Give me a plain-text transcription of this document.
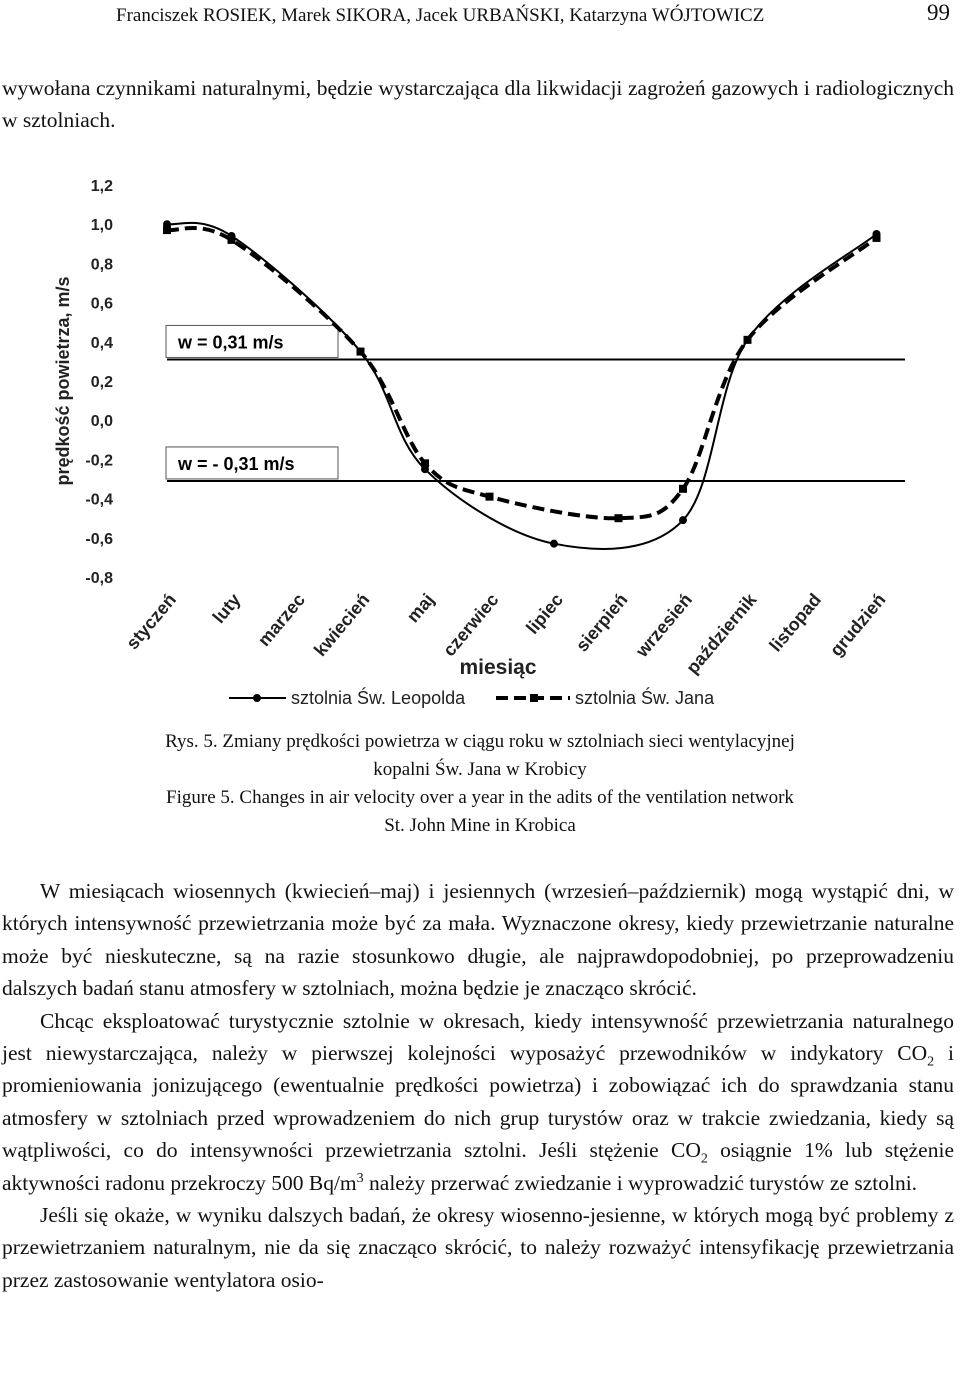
Franciszek ROSIEK, Marek SIKORA, Jacek URBAŃSKI, Katarzyna WÓJTOWICZ	99

wywołana czynnikami naturalnymi, będzie wystarczająca dla likwidacji zagrożeń gazowych i radiologicznych w sztolniach.

1,2
1,0
0,8
0,6
0,4
0,2
0,0
-0,2
-0,4
-0,6
-0,8
prędkość powietrza, m/s	w = 0,31 m/s
w = - 0,31 m/s
styczeń luty marzec kwiecień maj czerwiec lipiec sierpień wrzesień
październik listopad grudzień
miesiąc
sztolnia Św. Leopolda	sztolnia Św. Jana
Rys. 5. Zmiany prędkości powietrza w ciągu roku w sztolniach sieci wentylacyjnej
kopalni Św. Jana w Krobicy
Figure 5. Changes in air velocity over a year in the adits of the ventilation network
St. John Mine in Krobica

W miesiącach wiosennych (kwiecień–maj) i jesiennych (wrzesień–październik) mogą wystąpić dni, w których intensywność przewietrzania może być za mała. Wyznaczone okresy, kiedy przewietrzanie naturalne może być nieskuteczne, są na razie stosunkowo długie, ale najprawdopodobniej, po przeprowadzeniu dalszych badań stanu atmosfery w sztolniach, można będzie je znacząco skrócić.

Chcąc eksploatować turystycznie sztolnie w okresach, kiedy intensywność przewietrzania naturalnego jest niewystarczająca, należy w pierwszej kolejności wyposażyć przewodników w indykatory $CO_2$ i promieniowania jonizującego (ewentualnie prędkości powietrza) i zobowiązać ich do sprawdzania stanu atmosfery w sztolniach przed wprowadzeniem do nich grup turystów oraz w trakcie zwiedzania, kiedy są wątpliwości, co do intensywności przewietrzania sztolni. Jeśli stężenie $CO_2$ osiągnie 1% lub stężenie aktywności radonu przekroczy 500 $Bq/m^3$ należy przerwać zwiedzanie i wyprowadzić turystów ze sztolni.

Jeśli się okaże, w wyniku dalszych badań, że okresy wiosenno-jesienne, w których mogą być problemy z przewietrzaniem naturalnym, nie da się znacząco skrócić, to należy rozważyć intensyfikację przewietrzania przez zastosowanie wentylatora osio-
